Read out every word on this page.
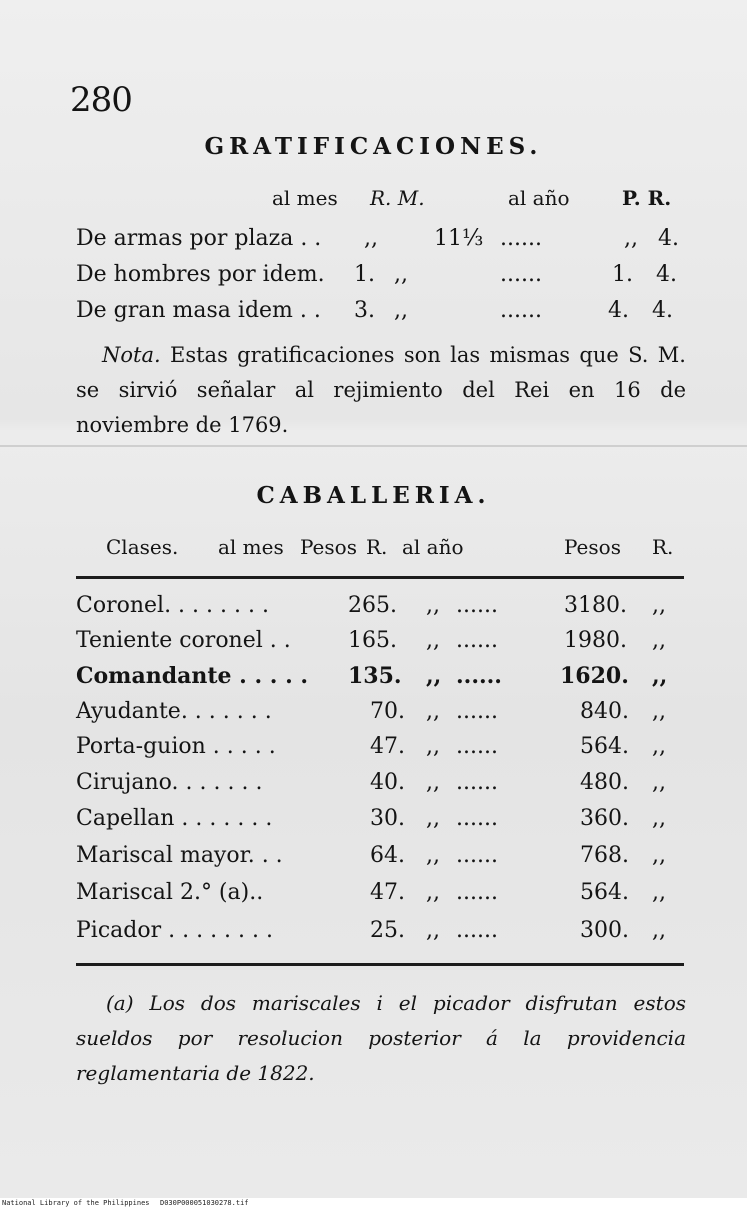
280
GRATIFICACIONES.
al mes R. M.	al año	P. R.
De armas por plaza . . ,,	11⅓ ......	,, 4.
De hombres por idem. 1. ,,	......	1. 4.
De gran masa idem . . 3. ,,	......	4. 4.
Nota. Estas gratificaciones son las mismas que S. M. se sirvió señalar al rejimiento del Rei en 16 de noviembre de 1769.
CABALLERIA.
Clases. al mes Pesos R. al año	Pesos R.
Coronel. . . . . . . .	265. ,, ......	3180. ,,
Teniente coronel . .	165. ,, ......	1980. ,,
Comandante . . . . . 135. ,, ......	1620. ,,
Ayudante. . . . . . .	70. ,, ......	840. ,,
Porta-guion . . . . .	47. ,, ......	564. ,,
Cirujano. . . . . . .	40. ,, ......	480. ,,
Capellan . . . . . . .	30. ,, ......	360. ,,
Mariscal mayor. . .	64. ,, ......	768. ,,
Mariscal 2.° (a)..	47. ,, ......	564. ,,
Picador . . . . . . . .	25. ,, ......	300. ,,
(a) Los dos mariscales i el picador disfrutan estos sueldos por resolucion posterior á la providencia reglamentaria de 1822.
National Library of the Philippines D030P000051030278.tif
